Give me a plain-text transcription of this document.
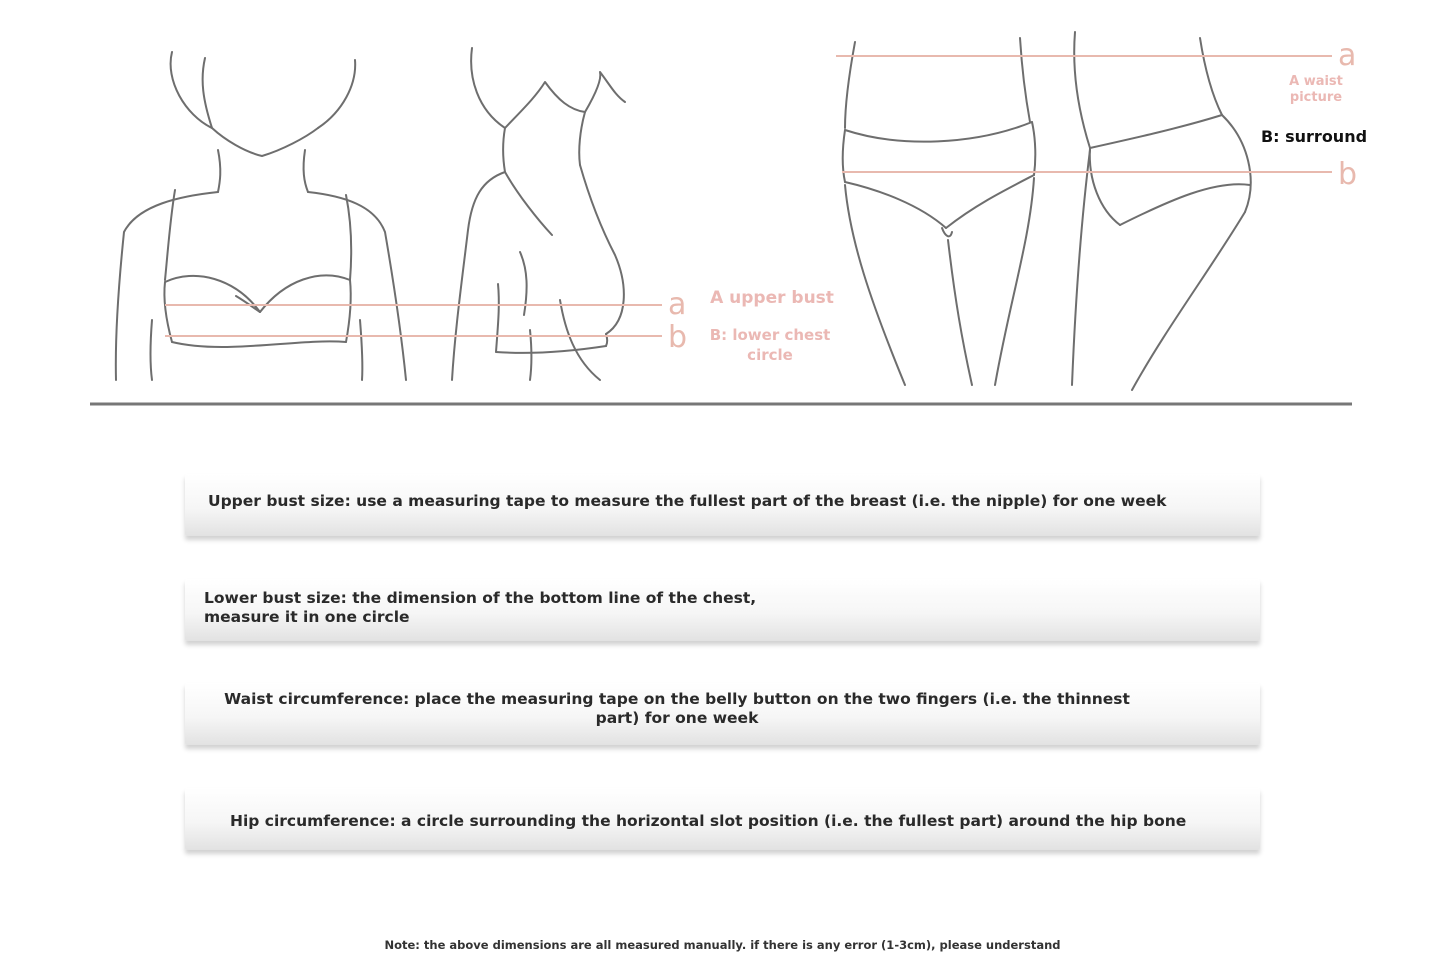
a
b
A upper bust
B: lower chest
circle
a
b
A waist
picture
B: surround
Upper bust size: use a measuring tape to measure the fullest part of the breast (i.e. the nipple) for one week
Lower bust size: the dimension of the bottom line of the chest, measure it in one circle
Waist circumference: place the measuring tape on the belly button on the two fingers (i.e. the thinnest part) for one week
Hip circumference: a circle surrounding the horizontal slot position (i.e. the fullest part) around the hip bone
Note: the above dimensions are all measured manually. if there is any error (1-3cm), please understand
